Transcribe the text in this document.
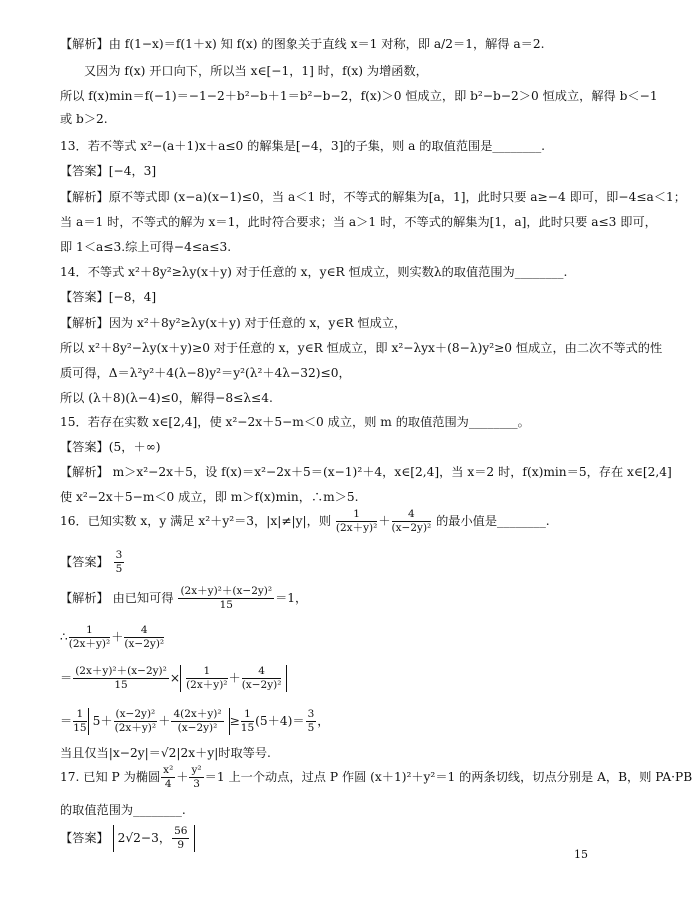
【解析】由 f(1−x)＝f(1＋x) 知 f(x) 的图象关于直线 x＝1 对称，即 a/2＝1，解得 a＝2.
又因为 f(x) 开口向下，所以当 x∈[−1，1] 时，f(x) 为增函数，
所以 f(x)min＝f(−1)＝−1−2＋b²−b＋1＝b²−b−2，f(x)＞0 恒成立，即 b²−b−2＞0 恒成立，解得 b＜−1
或 b＞2.
13．若不等式 x²−(a＋1)x＋a≤0 的解集是[−4，3]的子集，则 a 的取值范围是________.
【答案】[−4，3]
【解析】原不等式即 (x−a)(x−1)≤0，当 a＜1 时，不等式的解集为[a，1]，此时只要 a≥−4 即可，即−4≤a＜1；
当 a＝1 时，不等式的解为 x＝1，此时符合要求；当 a＞1 时，不等式的解集为[1，a]，此时只要 a≤3 即可，
即 1＜a≤3.综上可得−4≤a≤3.
14．不等式 x²＋8y²≥λy(x＋y) 对于任意的 x，y∈R 恒成立，则实数λ的取值范围为________.
【答案】[−8，4]
【解析】因为 x²＋8y²≥λy(x＋y) 对于任意的 x，y∈R 恒成立，
所以 x²＋8y²−λy(x＋y)≥0 对于任意的 x，y∈R 恒成立，即 x²−λyx＋(8−λ)y²≥0 恒成立，由二次不等式的性
质可得，Δ＝λ²y²＋4(λ−8)y²＝y²(λ²＋4λ−32)≤0，
所以 (λ＋8)(λ−4)≤0，解得−8≤λ≤4.
15．若存在实数 x∈[2,4]，使 x²−2x＋5−m＜0 成立，则 m 的取值范围为________。
【答案】(5，＋∞)
【解析】 m＞x²−2x＋5，设 f(x)＝x²−2x＋5＝(x−1)²＋4，x∈[2,4]，当 x＝2 时，f(x)min＝5，存在 x∈[2,4]
使 x²−2x＋5−m＜0 成立，即 m＞f(x)min，∴m＞5.
16．已知实数 x，y 满足 x²＋y²＝3，|x|≠|y|，则 $\frac{1}{\text{(2x＋y)²}} + \frac{4}{\text{(x−2y)²}}$ 的最小值是________.
【答案】 $\frac{3}{5}$
【解析】 由已知可得 $\frac{\text{(2x＋y)²＋(x−2y)²}}{15} =1$，
∴ $\frac{1}{\text{(2x＋y)²}} + \frac{4}{\text{(x−2y)²}}$
＝ $\frac{\text{(2x＋y)²＋(x−2y)²}}{15} \times \frac{1}{\text{(2x＋y)²}} + \frac{4}{\text{(x−2y)²}}$
＝ $\frac{1}{15} 5+ \frac{\text{(x−2y)²}}{\text{(2x＋y)²}} + \frac{\text{4(2x＋y)²}}{\text{(x−2y)²}} \ge \frac{1}{15} (5+4)= \frac{3}{5}$ ，
当且仅当|x−2y|＝√2|2x＋y|时取等号.
17. 已知 P 为椭圆 $\frac{\text{x²}}{4} + \frac{\text{y²}}{3} =1$ 上一个动点，过点 P 作圆 (x＋1)²＋y²＝1 的两条切线，切点分别是 A，B，则 PA·PB
的取值范围为________.
【答案】 2√2−3， $\frac{56}{9}$
15
